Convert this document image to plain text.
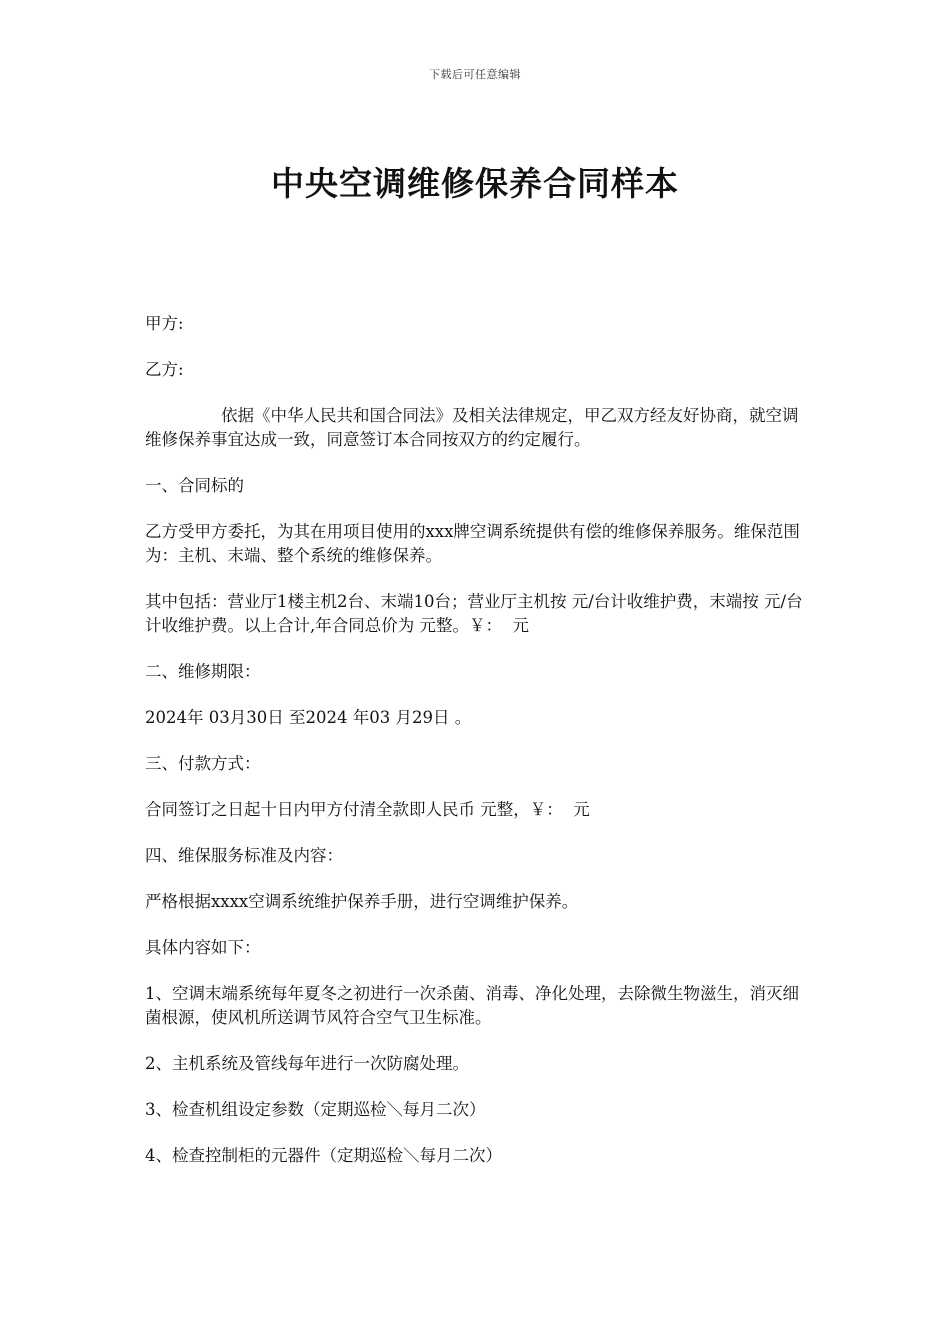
下载后可任意编辑
中央空调维修保养合同样本

甲方:

乙方:

依据《中华人民共和国合同法》及相关法律规定，甲乙双方经友好协商，就空调维修保养事宜达成一致，同意签订本合同按双方的约定履行。

一、合同标的

乙方受甲方委托，为其在用项目使用的xxx牌空调系统提供有偿的维修保养服务。维保范围为：主机、末端、整个系统的维修保养。

其中包括：营业厅1楼主机2台、末端10台；营业厅主机按 元/台计收维护费，末端按 元/台计收维护费。以上合计,年合同总价为 元整。￥：  元

二、维修期限：

2024年 03月30日 至2024 年03 月29日 。

三、付款方式：

合同签订之日起十日内甲方付清全款即人民币 元整，￥：  元

四、维保服务标准及内容：

严格根据xxxx空调系统维护保养手册，进行空调维护保养。

具体内容如下：

1、空调末端系统每年夏冬之初进行一次杀菌、消毒、净化处理，去除微生物滋生，消灭细菌根源，使风机所送调节风符合空气卫生标准。

2、主机系统及管线每年进行一次防腐处理。

3、检查机组设定参数（定期巡检＼每月二次）

4、检查控制柜的元器件（定期巡检＼每月二次）
